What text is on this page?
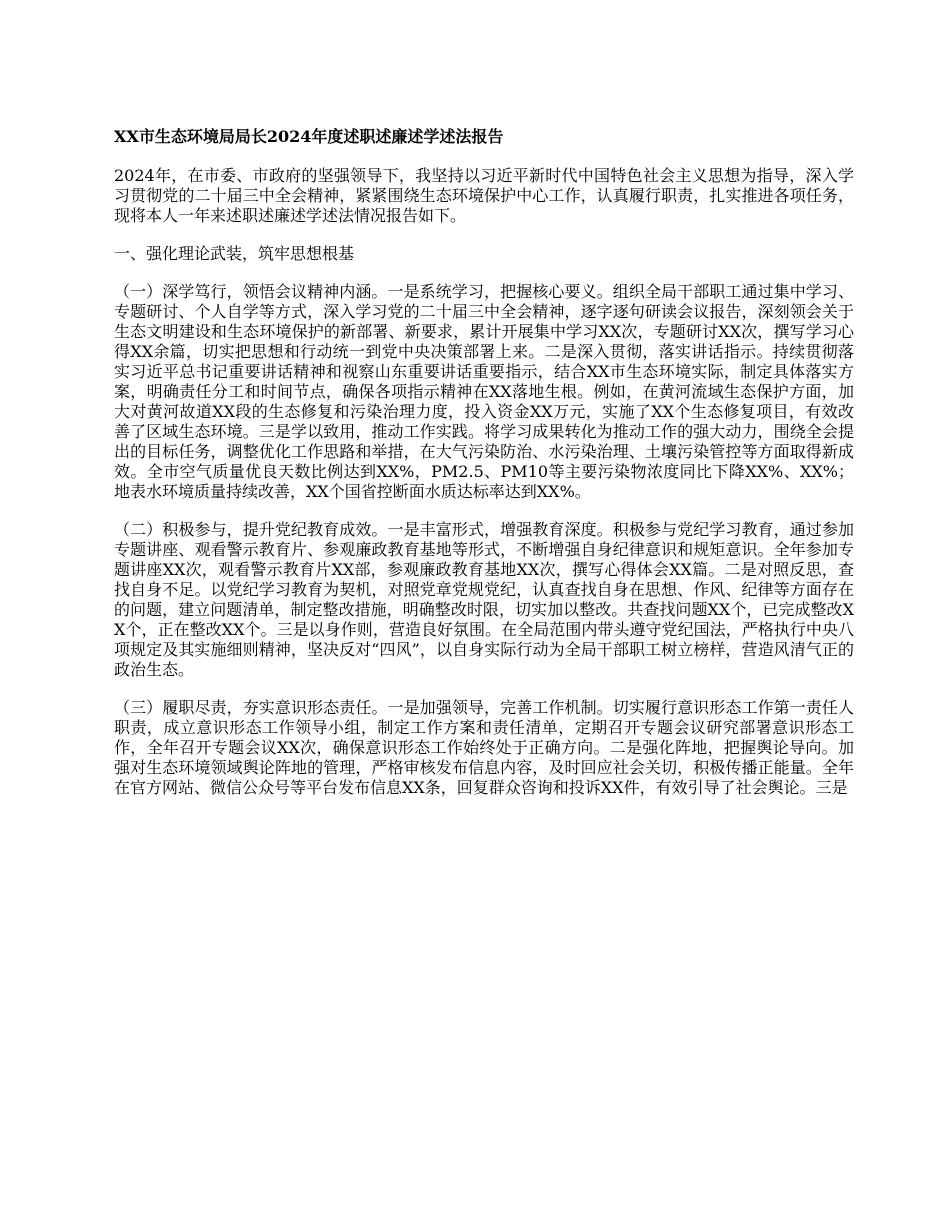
XX市生态环境局局长2024年度述职述廉述学述法报告

2024年，在市委、市政府的坚强领导下，我坚持以习近平新时代中国特色社会主义思想为指导，深入学习贯彻党的二十届三中全会精神，紧紧围绕生态环境保护中心工作，认真履行职责，扎实推进各项任务，现将本人一年来述职述廉述学述法情况报告如下。

一、强化理论武装，筑牢思想根基

（一）深学笃行，领悟会议精神内涵。一是系统学习，把握核心要义。组织全局干部职工通过集中学习、专题研讨、个人自学等方式，深入学习党的二十届三中全会精神，逐字逐句研读会议报告，深刻领会关于生态文明建设和生态环境保护的新部署、新要求，累计开展集中学习XX次，专题研讨XX次，撰写学习心得XX余篇，切实把思想和行动统一到党中央决策部署上来。二是深入贯彻，落实讲话指示。持续贯彻落实习近平总书记重要讲话精神和视察山东重要讲话重要指示，结合XX市生态环境实际，制定具体落实方案，明确责任分工和时间节点，确保各项指示精神在XX落地生根。例如，在黄河流域生态保护方面，加大对黄河故道XX段的生态修复和污染治理力度，投入资金XX万元，实施了XX个生态修复项目，有效改善了区域生态环境。三是学以致用，推动工作实践。将学习成果转化为推动工作的强大动力，围绕全会提出的目标任务，调整优化工作思路和举措，在大气污染防治、水污染治理、土壤污染管控等方面取得新成效。全市空气质量优良天数比例达到XX%，PM2.5、PM10等主要污染物浓度同比下降XX%、XX%；地表水环境质量持续改善，XX个国省控断面水质达标率达到XX%。

（二）积极参与，提升党纪教育成效。一是丰富形式，增强教育深度。积极参与党纪学习教育，通过参加专题讲座、观看警示教育片、参观廉政教育基地等形式，不断增强自身纪律意识和规矩意识。全年参加专题讲座XX次，观看警示教育片XX部，参观廉政教育基地XX次，撰写心得体会XX篇。二是对照反思，查找自身不足。以党纪学习教育为契机，对照党章党规党纪，认真查找自身在思想、作风、纪律等方面存在的问题，建立问题清单，制定整改措施，明确整改时限，切实加以整改。共查找问题XX个，已完成整改XX个，正在整改XX个。三是以身作则，营造良好氛围。在全局范围内带头遵守党纪国法，严格执行中央八项规定及其实施细则精神，坚决反对“四风”，以自身实际行动为全局干部职工树立榜样，营造风清气正的政治生态。

（三）履职尽责，夯实意识形态责任。一是加强领导，完善工作机制。切实履行意识形态工作第一责任人职责，成立意识形态工作领导小组，制定工作方案和责任清单，定期召开专题会议研究部署意识形态工作，全年召开专题会议XX次，确保意识形态工作始终处于正确方向。二是强化阵地，把握舆论导向。加强对生态环境领域舆论阵地的管理，严格审核发布信息内容，及时回应社会关切，积极传播正能量。全年在官方网站、微信公众号等平台发布信息XX条，回复群众咨询和投诉XX件，有效引导了社会舆论。三是
